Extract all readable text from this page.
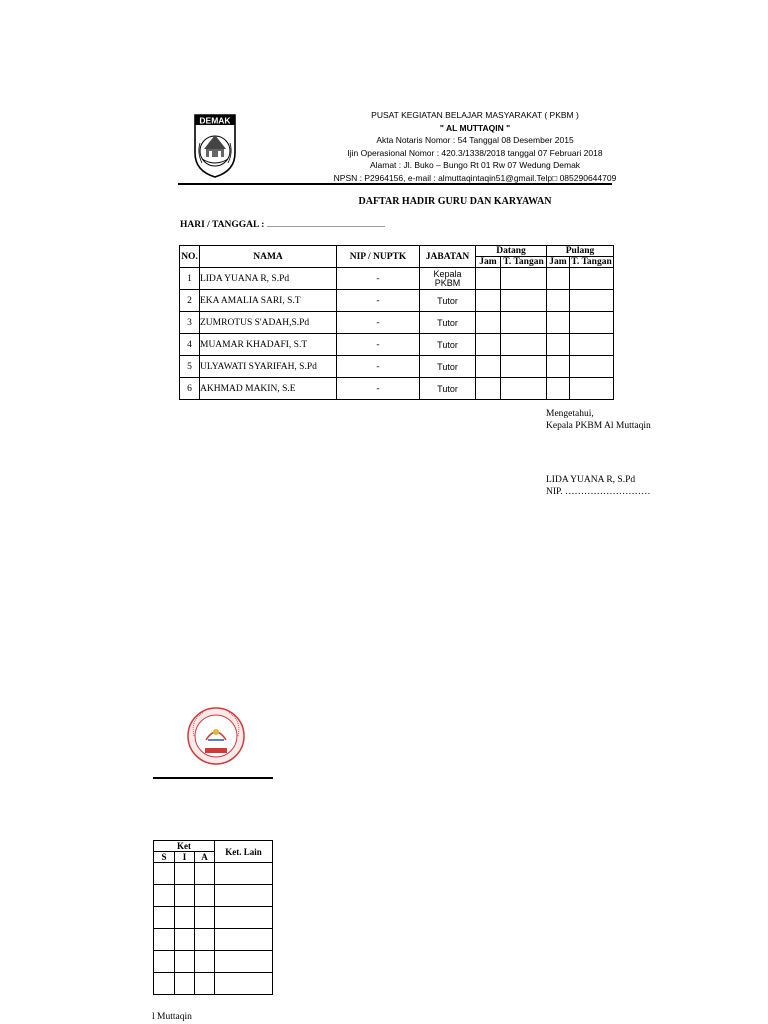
DEMAK
PUSAT KEGIATAN BELAJAR MASYARAKAT ( PKBM )
" AL MUTTAQIN "
Akta Notaris Nomor : 54 Tanggal 08 Desember 2015
Ijin Operasional Nomor : 420.3/1338/2018 tanggal 07 Februari 2018
Alamat : Jl. Buko – Bungo Rt 01 Rw 07 Wedung Demak
NPSN : P2964156, e-mail : almuttaqintaqin51@gmail.Telp□ 085290644709
DAFTAR HADIR GURU DAN KARYAWAN
HARI / TANGGAL : ......................................................................................................................
NO.	NAMA	NIP / NUPTK	JABATAN	Datang		Pulang	
				Jam	T. Tangan	Jam	T. Tangan
1	LIDA YUANA R, S.Pd	-	Kepala PKBM				
2	EKA AMALIA SARI, S.T	-	Tutor				
3	ZUMROTUS S'ADAH,S.Pd	-	Tutor				
4	MUAMAR KHADAFI, S.T	-	Tutor				
5	ULYAWATI SYARIFAH, S.Pd	-	Tutor				
6	AKHMAD MAKIN, S.E	-	Tutor				
Mengetahui,
Kepala PKBM Al Muttaqin
LIDA YUANA R, S.Pd
NIP. ………………………
Ket			Ket. Lain
S	I	A	

l Muttaqin
